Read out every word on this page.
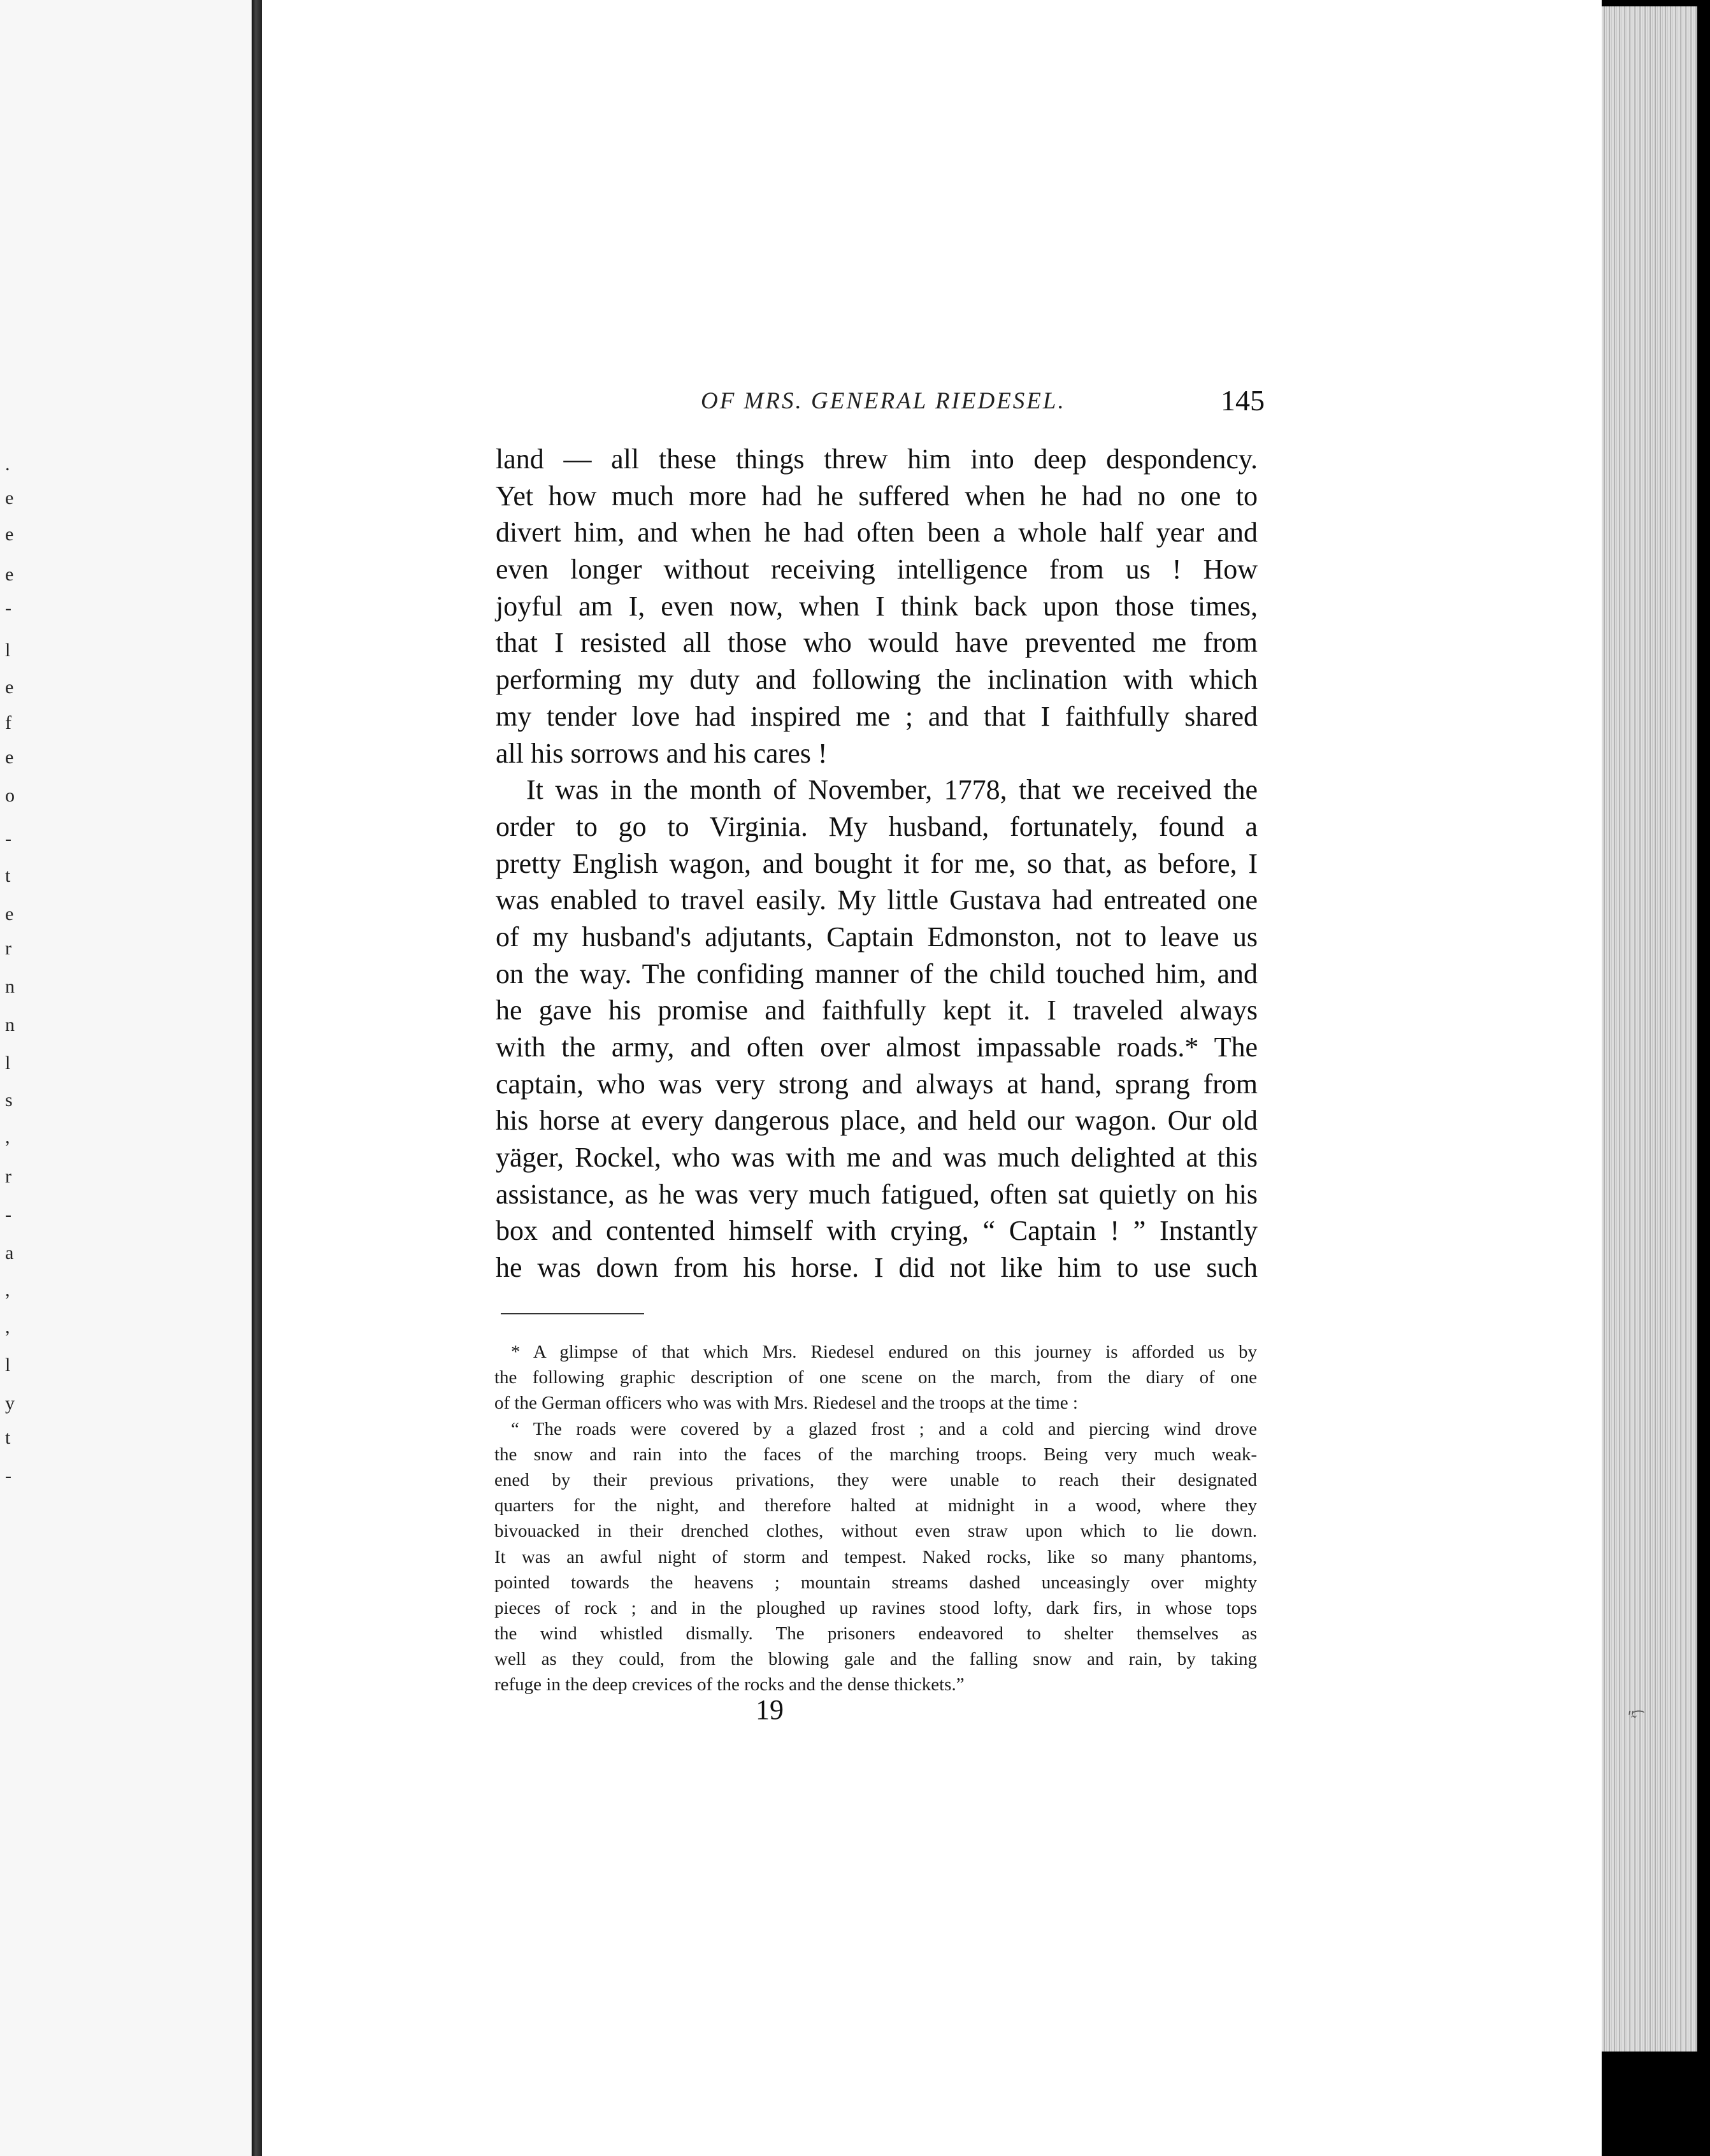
.
e
e
e
-
l
e
f
e
o
-
t
e
r
n
n
l
s
,
r
-
a
,
,
l
y
t
-
OF MRS. GENERAL RIEDESEL.	145
land — all these things threw him into deep despondency.
Yet how much more had he suffered when he had no one to
divert him, and when he had often been a whole half year and
even longer without receiving intelligence from us ! How
joyful am I, even now, when I think back upon those times,
that I resisted all those who would have prevented me from
performing my duty and following the inclination with which
my tender love had inspired me ; and that I faithfully shared
all his sorrows and his cares !
It was in the month of November, 1778, that we received the
order to go to Virginia. My husband, fortunately, found a
pretty English wagon, and bought it for me, so that, as before, I
was enabled to travel easily. My little Gustava had entreated one
of my husband's adjutants, Captain Edmonston, not to leave us
on the way. The confiding manner of the child touched him, and
he gave his promise and faithfully kept it. I traveled always
with the army, and often over almost impassable roads.* The
captain, who was very strong and always at hand, sprang from
his horse at every dangerous place, and held our wagon. Our old
yäger, Rockel, who was with me and was much delighted at this
assistance, as he was very much fatigued, often sat quietly on his
box and contented himself with crying, “ Captain ! ” Instantly
he was down from his horse. I did not like him to use such
* A glimpse of that which Mrs. Riedesel endured on this journey is afforded us by
the following graphic description of one scene on the march, from the diary of one
of the German officers who was with Mrs. Riedesel and the troops at the time :
“ The roads were covered by a glazed frost ; and a cold and piercing wind drove
the snow and rain into the faces of the marching troops. Being very much weak-
ened by their previous privations, they were unable to reach their designated
quarters for the night, and therefore halted at midnight in a wood, where they
bivouacked in their drenched clothes, without even straw upon which to lie down.
It was an awful night of storm and tempest. Naked rocks, like so many phantoms,
pointed towards the heavens ; mountain streams dashed unceasingly over mighty
pieces of rock ; and in the ploughed up ravines stood lofty, dark firs, in whose tops
the wind whistled dismally. The prisoners endeavored to shelter themselves as
well as they could, from the blowing gale and the falling snow and rain, by taking
refuge in the deep crevices of the rocks and the dense thickets.”
19	ʺ̴͡
